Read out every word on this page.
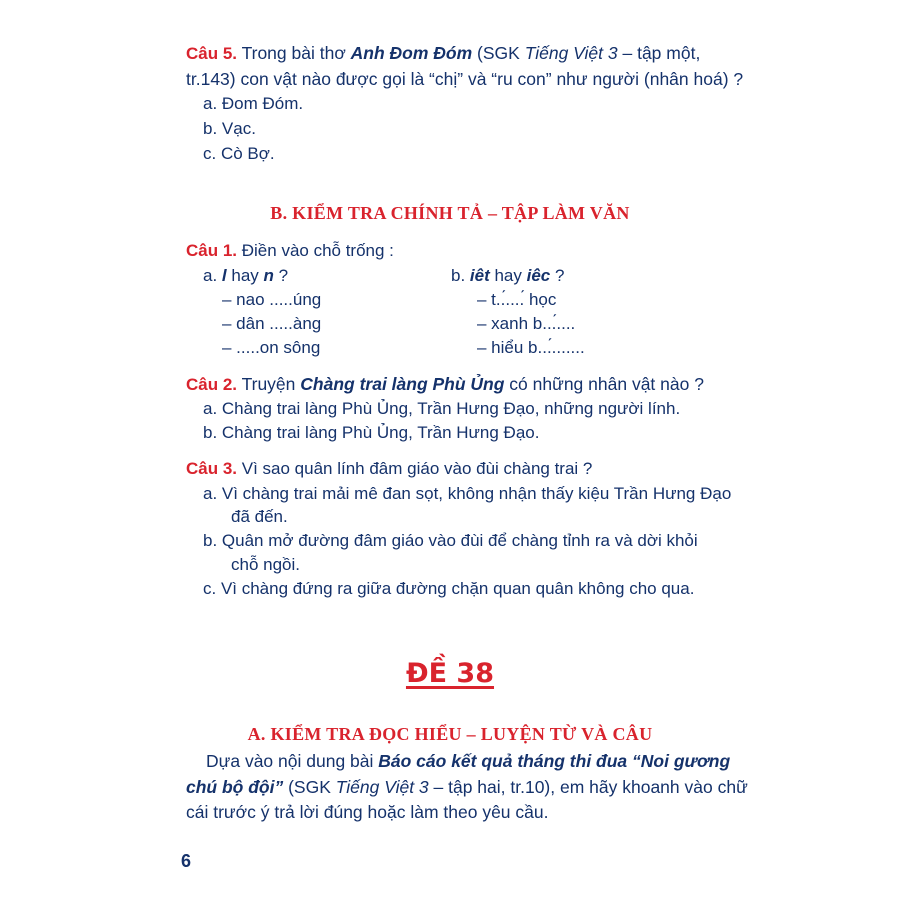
Câu 5. Trong bài thơ Anh Đom Đóm (SGK Tiếng Việt 3 – tập một,
tr.143) con vật nào được gọi là “chị” và “ru con” như người (nhân hoá) ?
a. Đom Đóm.
b. Vạc.
c. Cò Bợ.
B. KIỂM TRA CHÍNH TẢ – TẬP LÀM VĂN
Câu 1. Điền vào chỗ trống :
a. l hay n ?
– nao .....úng
– dân .....àng
– .....on sông
b. iêt hay iêc ?
– t..́....́ học
– xanh b...́....
– hiểu b...́.......
Câu 2. Truyện Chàng trai làng Phù Ủng có những nhân vật nào ?
a. Chàng trai làng Phù Ủng, Trần Hưng Đạo, những người lính.
b. Chàng trai làng Phù Ủng, Trần Hưng Đạo.
Câu 3. Vì sao quân lính đâm giáo vào đùi chàng trai ?
a. Vì chàng trai mải mê đan sọt, không nhận thấy kiệu Trần Hưng Đạo
đã đến.
b. Quân mở đường đâm giáo vào đùi để chàng tỉnh ra và dời khỏi
chỗ ngồi.
c. Vì chàng đứng ra giữa đường chặn quan quân không cho qua.
ĐỀ 38
A. KIỂM TRA ĐỌC HIỂU – LUYỆN TỪ VÀ CÂU
Dựa vào nội dung bài Báo cáo kết quả tháng thi đua “Noi gương
chú bộ đội” (SGK Tiếng Việt 3 – tập hai, tr.10), em hãy khoanh vào chữ
cái trước ý trả lời đúng hoặc làm theo yêu cầu.
6
